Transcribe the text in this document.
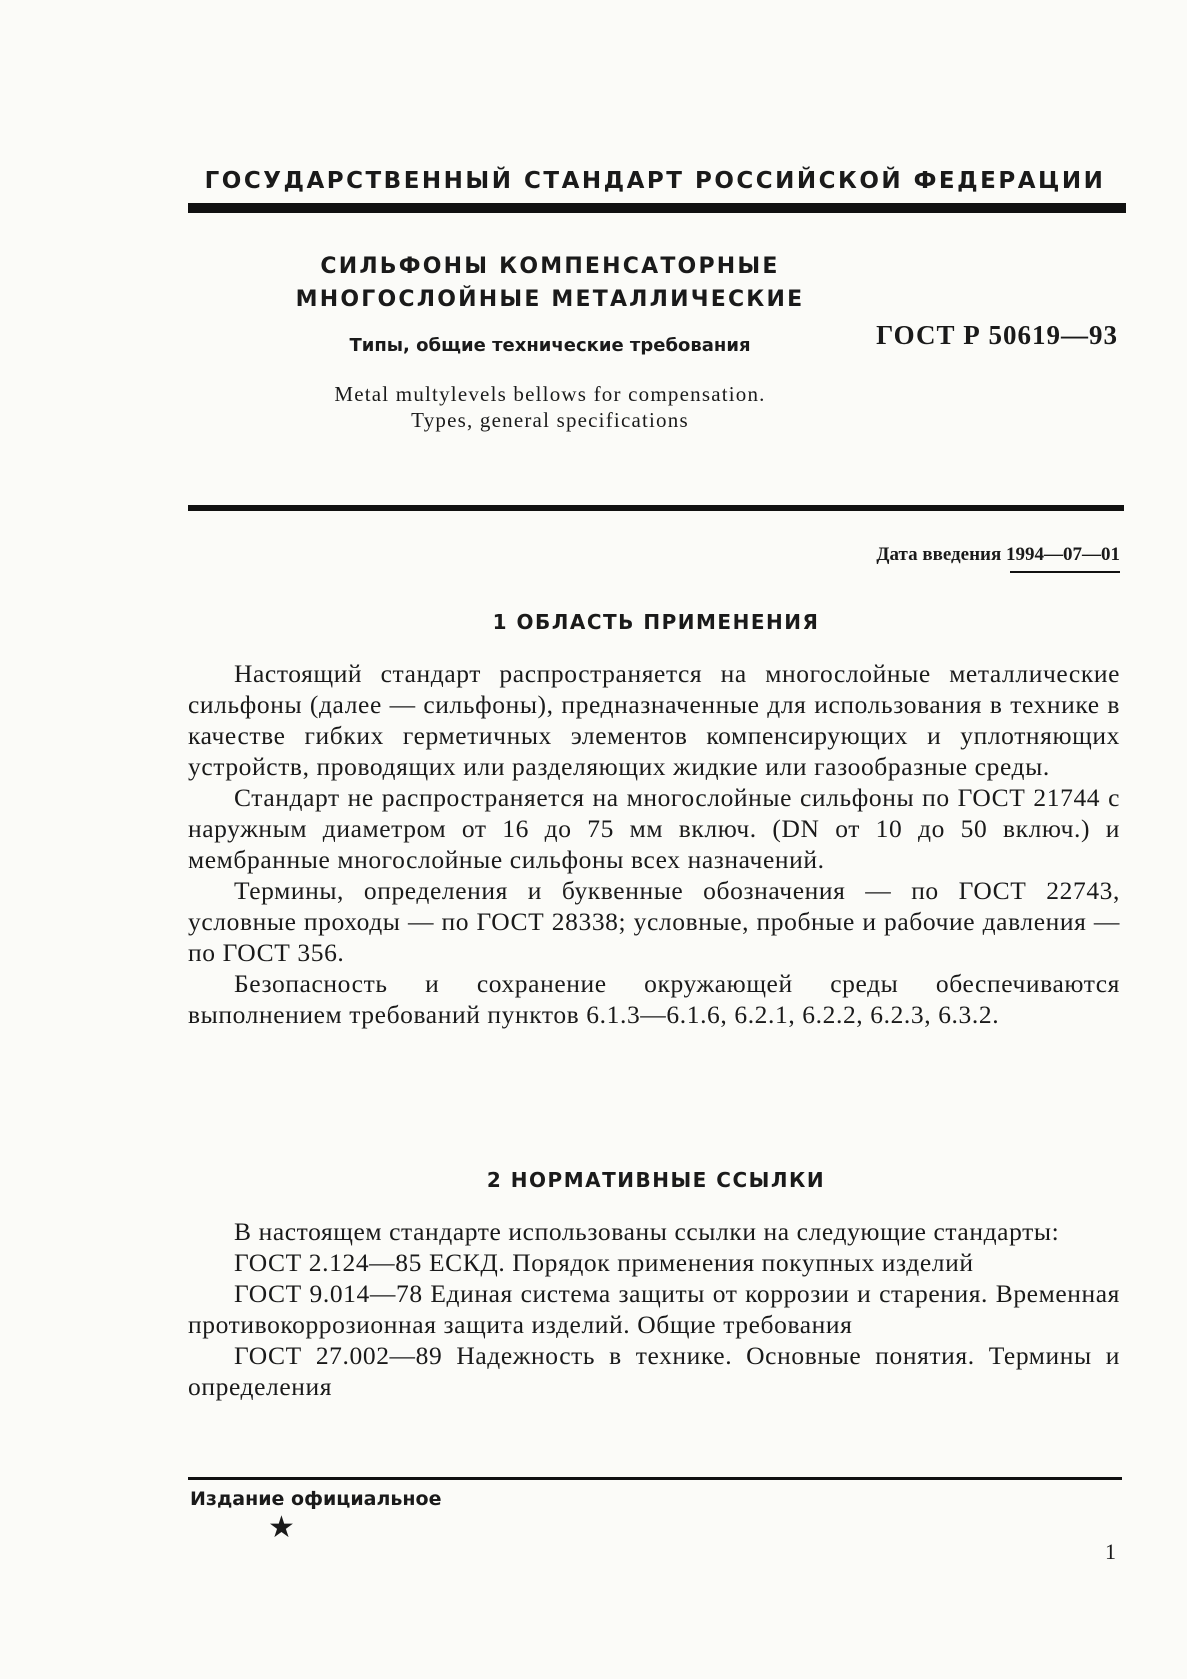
ГОСУДАРСТВЕННЫЙ СТАНДАРТ РОССИЙСКОЙ ФЕДЕРАЦИИ
СИЛЬФОНЫ КОМПЕНСАТОРНЫЕ
МНОГОСЛОЙНЫЕ МЕТАЛЛИЧЕСКИЕ
Типы, общие технические требования	ГОСТ Р 50619—93
Metal multylevels bellows for compensation.
Types, general specifications
Дата введения 1994—07—01
1 ОБЛАСТЬ ПРИМЕНЕНИЯ

Настоящий стандарт распространяется на многослойные металлические сильфоны (далее — сильфоны), предназначенные для использования в технике в качестве гибких герметичных элементов компенсирующих и уплотняющих устройств, проводящих или разделяющих жидкие или газообразные среды.

Стандарт не распространяется на многослойные сильфоны по ГОСТ 21744 с наружным диаметром от 16 до 75 мм включ. (DN от 10 до 50 включ.) и мембранные многослойные сильфоны всех назначений.

Термины, определения и буквенные обозначения — по ГОСТ 22743, условные проходы — по ГОСТ 28338; условные, пробные и рабочие давления — по ГОСТ 356.

Безопасность и сохранение окружающей среды обеспечиваются выполнением требований пунктов 6.1.3—6.1.6, 6.2.1, 6.2.2, 6.2.3, 6.3.2.

2 НОРМАТИВНЫЕ ССЫЛКИ

В настоящем стандарте использованы ссылки на следующие стандарты:

ГОСТ 2.124—85 ЕСКД. Порядок применения покупных изделий

ГОСТ 9.014—78 Единая система защиты от коррозии и старения. Временная противокоррозионная защита изделий. Общие требования

ГОСТ 27.002—89 Надежность в технике. Основные понятия. Термины и определения

Издание официальное
★
1
